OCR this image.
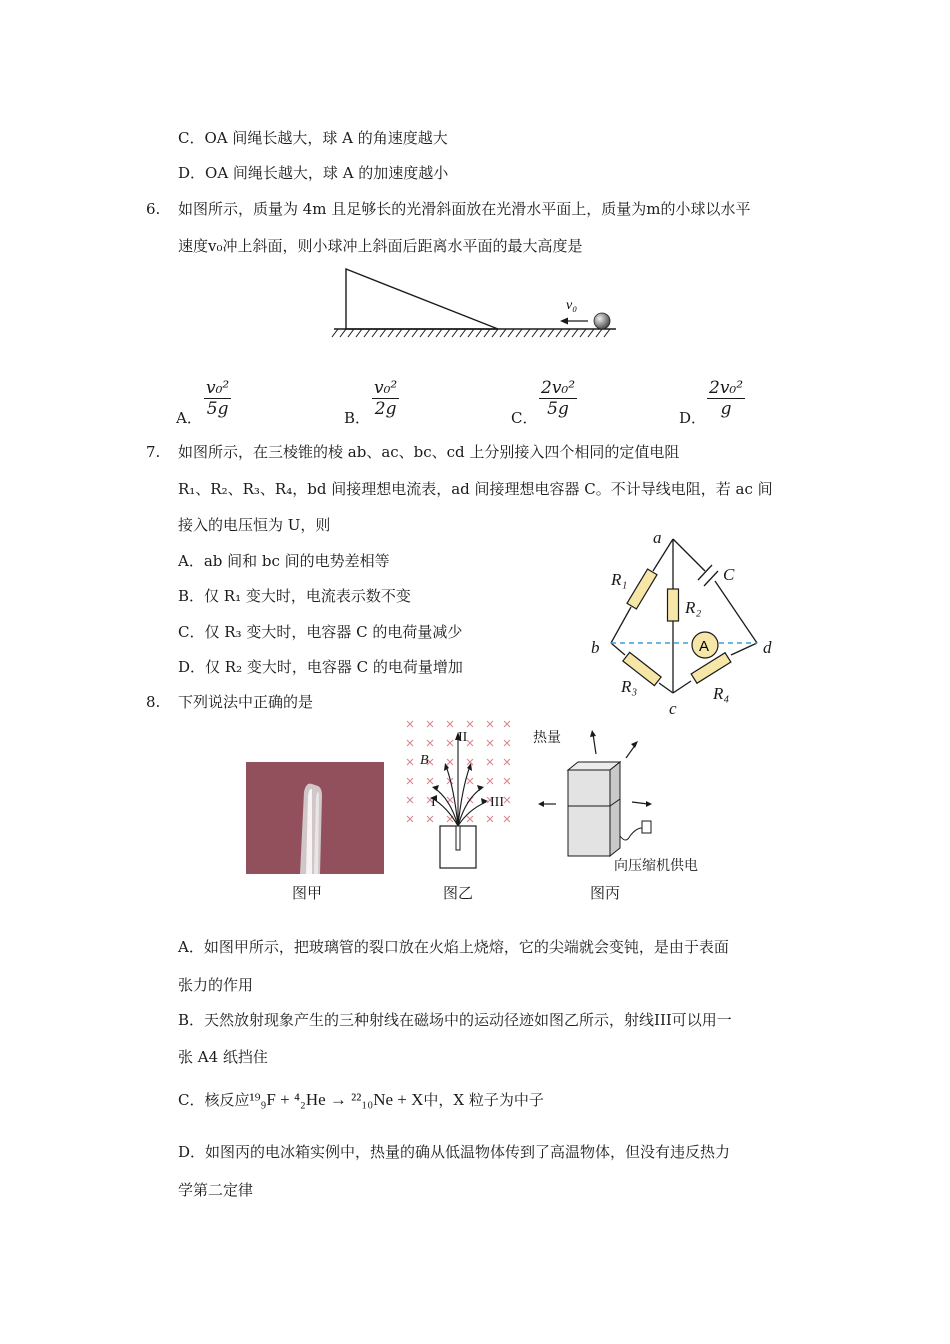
C．OA 间绳长越大，球 A 的角速度越大
D．OA 间绳长越大，球 A 的加速度越小
6. 如图所示，质量为 4m 且足够长的光滑斜面放在光滑水平面上，质量为m的小球以水平
速度v₀冲上斜面，则小球冲上斜面后距离水平面的最大高度是
v₀
A． $\frac{\text{v₀²}}{5g}$	B． $\frac{\text{v₀²}}{2g}$	C． $\frac{\text{2v₀²}}{5g}$	D． $\frac{\text{2v₀²}}{g}$
7. 如图所示，在三棱锥的棱 ab、ac、bc、cd 上分别接入四个相同的定值电阻
R₁、R₂、R₃、R₄，bd 间接理想电流表，ad 间接理想电容器 C。不计导线电阻，若 ac 间
接入的电压恒为 U，则
A．ab 间和 bc 间的电势差相等
B．仅 R₁ 变大时，电流表示数不变
C．仅 R₃ 变大时，电容器 C 的电荷量减少
D．仅 R₂ 变大时，电容器 C 的电荷量增加
A
a
b
c
d
R₁
R₂
R₃	R₄
C
8. 下列说法中正确的是
图甲
B
I
II
III
图乙
热量
向压缩机供电
图丙
A．如图甲所示，把玻璃管的裂口放在火焰上烧熔，它的尖端就会变钝，是由于表面
张力的作用
B．天然放射现象产生的三种射线在磁场中的运动径迹如图乙所示，射线III可以用一
张 A4 纸挡住
C．核反应¹⁹₉F + ⁴₂He → ²²₁₀Ne + X中，X 粒子为中子
D．如图丙的电冰箱实例中，热量的确从低温物体传到了高温物体，但没有违反热力
学第二定律
